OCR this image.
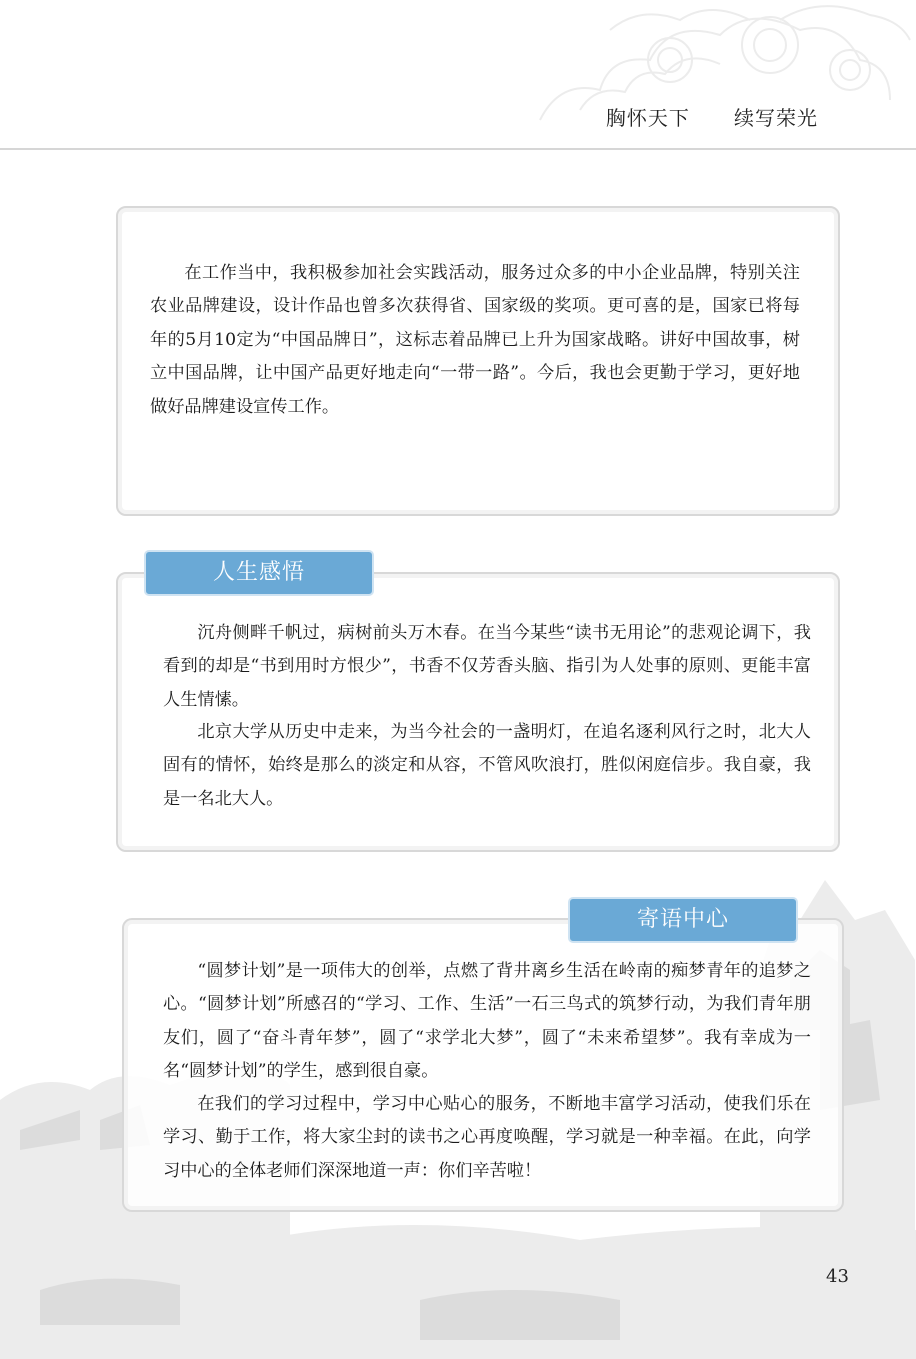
胸怀天下      续写荣光

在工作当中，我积极参加社会实践活动，服务过众多的中小企业品牌，特别关注农业品牌建设，设计作品也曾多次获得省、国家级的奖项。更可喜的是，国家已将每年的5月10定为“中国品牌日”，这标志着品牌已上升为国家战略。讲好中国故事，树立中国品牌，让中国产品更好地走向“一带一路”。今后，我也会更勤于学习，更好地做好品牌建设宣传工作。

人生感悟

沉舟侧畔千帆过，病树前头万木春。在当今某些“读书无用论”的悲观论调下，我看到的却是“书到用时方恨少”，书香不仅芳香头脑、指引为人处事的原则、更能丰富人生情愫。

北京大学从历史中走来，为当今社会的一盏明灯，在追名逐利风行之时，北大人固有的情怀，始终是那么的淡定和从容，不管风吹浪打，胜似闲庭信步。我自豪，我是一名北大人。

寄语中心

“圆梦计划”是一项伟大的创举，点燃了背井离乡生活在岭南的痴梦青年的追梦之心。“圆梦计划”所感召的“学习、工作、生活”一石三鸟式的筑梦行动，为我们青年朋友们，圆了“奋斗青年梦”，圆了“求学北大梦”，圆了“未来希望梦”。我有幸成为一名“圆梦计划”的学生，感到很自豪。

在我们的学习过程中，学习中心贴心的服务，不断地丰富学习活动，使我们乐在学习、勤于工作，将大家尘封的读书之心再度唤醒，学习就是一种幸福。在此，向学习中心的全体老师们深深地道一声：你们辛苦啦！

43
